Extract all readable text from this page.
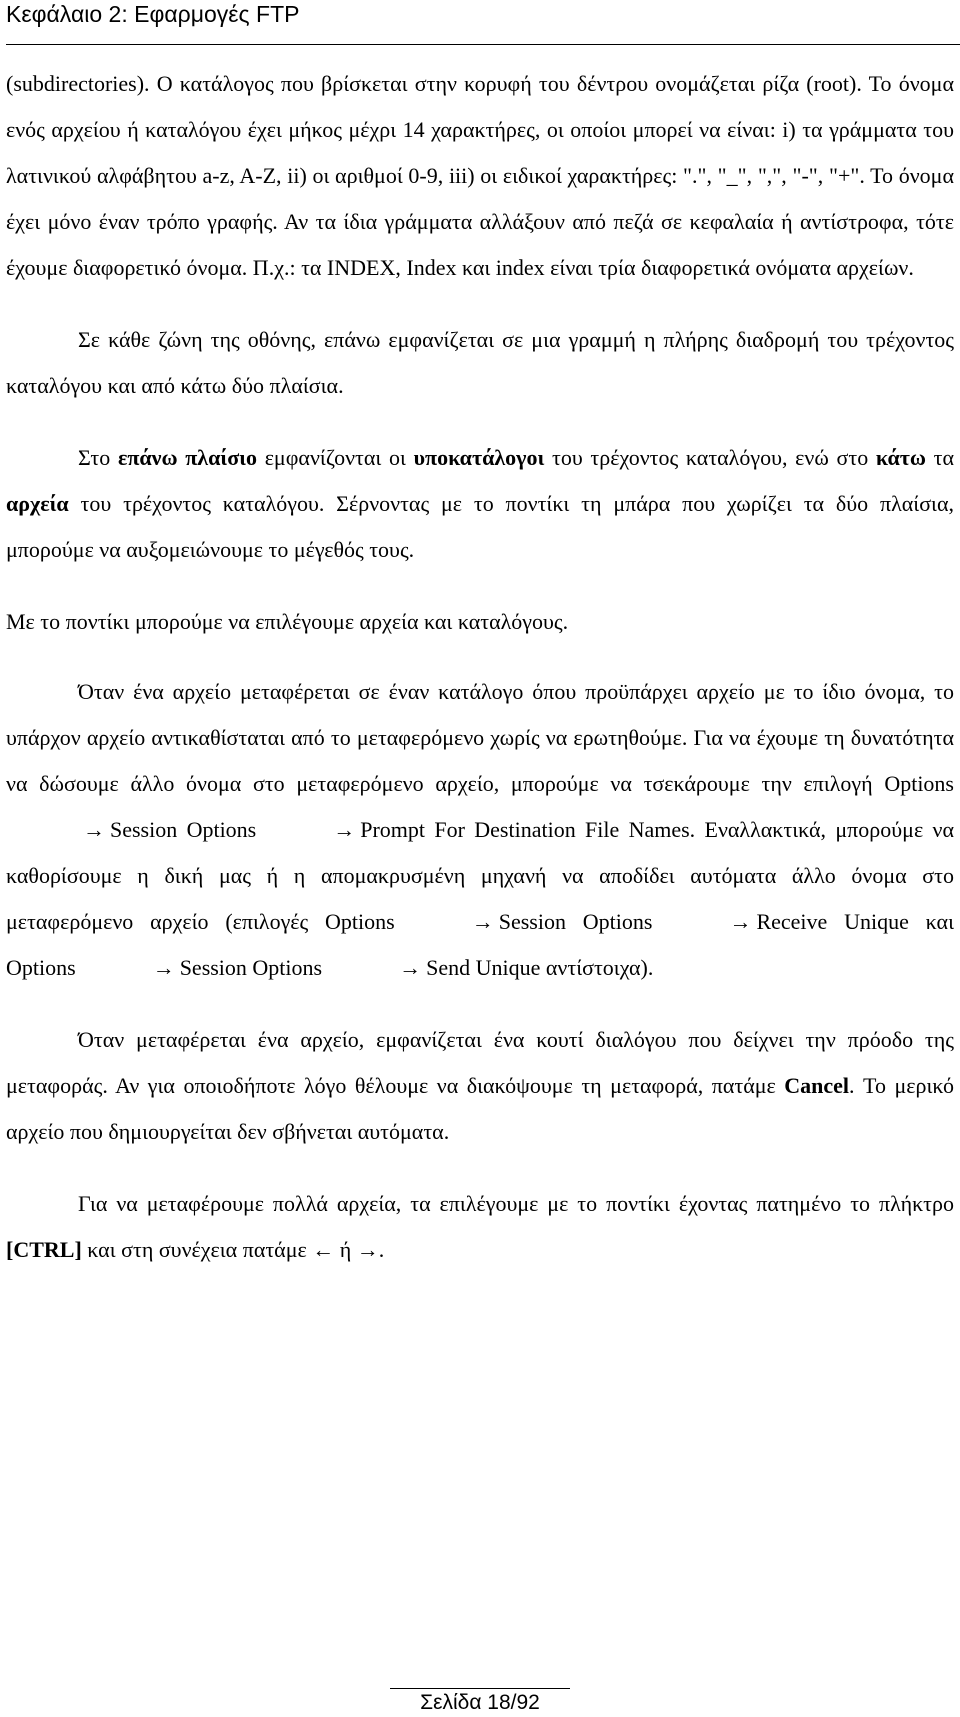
Κεφάλαιο 2: Εφαρμογές FTP

(subdirectories). O κατάλογος που βρίσκεται στην κορυφή του δέντρου ονομάζεται ρίζα (root). Το όνομα ενός αρχείου ή καταλόγου έχει μήκος μέχρι 14 χαρακτήρες, οι οποίοι μπορεί να είναι: i) τα γράμματα του λατινικού αλφάβητου a-z, A-Z, ii) οι αριθμοί 0-9, iii) οι ειδικοί χαρακτήρες: ".", "_", ",", "-", "+". Το όνομα έχει μόνο έναν τρόπο γραφής. Αν τα ίδια γράμματα αλλάξουν από πεζά σε κεφαλαία ή αντίστροφα, τότε έχουμε διαφορετικό όνομα. Π.χ.: τα INDEX, Index και index είναι τρία διαφορετικά ονόματα αρχείων.

Σε κάθε ζώνη της οθόνης, επάνω εμφανίζεται σε μια γραμμή η πλήρης διαδρομή του τρέχοντος καταλόγου και από κάτω δύο πλαίσια.

Στο επάνω πλαίσιο εμφανίζονται οι υποκατάλογοι του τρέχοντος καταλόγου, ενώ στο κάτω τα αρχεία του τρέχοντος καταλόγου. Σέρνοντας με το ποντίκι τη μπάρα που χωρίζει τα δύο πλαίσια, μπορούμε να αυξομειώνουμε το μέγεθός τους.

Με το ποντίκι μπορούμε να επιλέγουμε αρχεία και καταλόγους.

Όταν ένα αρχείο μεταφέρεται σε έναν κατάλογο όπου προϋπάρχει αρχείο με το ίδιο όνομα, το υπάρχον αρχείο αντικαθίσταται από το μεταφερόμενο χωρίς να ερωτηθούμε. Για να έχουμε τη δυνατότητα να δώσουμε άλλο όνομα στο μεταφερόμενο αρχείο, μπορούμε να τσεκάρουμε την επιλογή Options→ Session Options	→ Prompt For Destination File Names. Εναλλακτικά, μπορούμε να καθορίσουμε η δική μας ή η απομακρυσμένη μηχανή να αποδίδει αυτόματα άλλο όνομα στο μεταφερόμενο αρχείο (επιλογές Options	→ Session Options	→ Receive Unique και Options	→ Session Options	→ Send Unique αντίστοιχα).

Όταν μεταφέρεται ένα αρχείο, εμφανίζεται ένα κουτί διαλόγου που δείχνει την πρόοδο της μεταφοράς. Αν για οποιοδήποτε λόγο θέλουμε να διακόψουμε τη μεταφορά, πατάμε Cancel. Το μερικό αρχείο που δημιουργείται δεν σβήνεται αυτόματα.

Για να μεταφέρουμε πολλά αρχεία, τα επιλέγουμε με το ποντίκι έχοντας πατημένο το πλήκτρο [CTRL] και στη συνέχεια πατάμε ← ή →.

Σελίδα 18/92
